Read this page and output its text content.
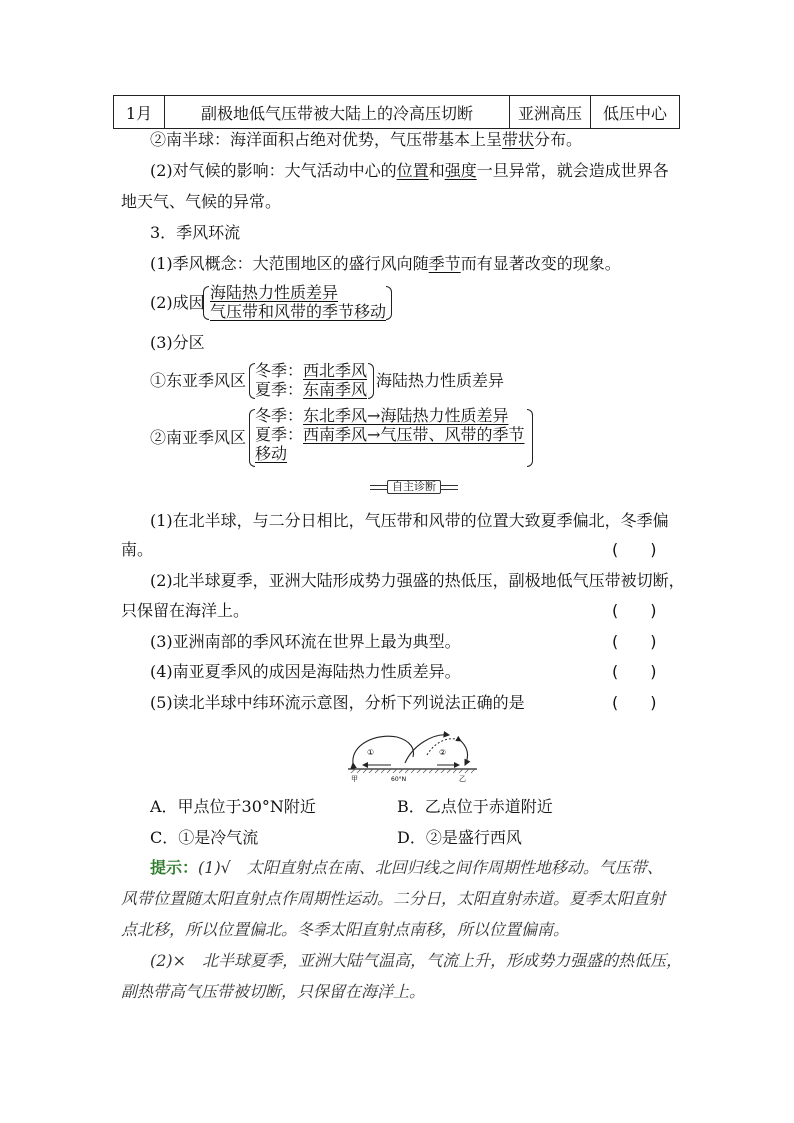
1月	副极地低气压带被大陆上的冷高压切断	亚洲高压	低压中心
②南半球：海洋面积占绝对优势，气压带基本上呈带状分布。
(2)对气候的影响：大气活动中心的位置和强度一旦异常，就会造成世界各
地天气、气候的异常。
3．季风环流
(1)季风概念：大范围地区的盛行风向随季节而有显著改变的现象。
(2)成因
海陆热力性质差异
气压带和风带的季节移动
(3)分区
①东亚季风区
冬季：西北季风
夏季：东南季风 海陆热力性质差异
②南亚季风区
冬季：东北季风→海陆热力性质差异
夏季：西南季风→气压带、风带的季节
移动
自主诊断
(1)在北半球，与二分日相比，气压带和风带的位置大致夏季偏北，冬季偏
南。	(　　)
(2)北半球夏季，亚洲大陆形成势力强盛的热低压，副极地低气压带被切断，
只保留在海洋上。	(　　)
(3)亚洲南部的季风环流在世界上最为典型。	(　　)
(4)南亚夏季风的成因是海陆热力性质差异。	(　　)
(5)读北半球中纬环流示意图，分析下列说法正确的是	(　　)
①	②
甲	60°N	乙
A．甲点位于30°N附近	B．乙点位于赤道附近
C．①是冷气流	D．②是盛行西风
提示：(1)√　太阳直射点在南、北回归线之间作周期性地移动。气压带、
风带位置随太阳直射点作周期性运动。二分日，太阳直射赤道。夏季太阳直射
点北移，所以位置偏北。冬季太阳直射点南移，所以位置偏南。
(2)×　北半球夏季，亚洲大陆气温高，气流上升，形成势力强盛的热低压，
副热带高气压带被切断，只保留在海洋上。
